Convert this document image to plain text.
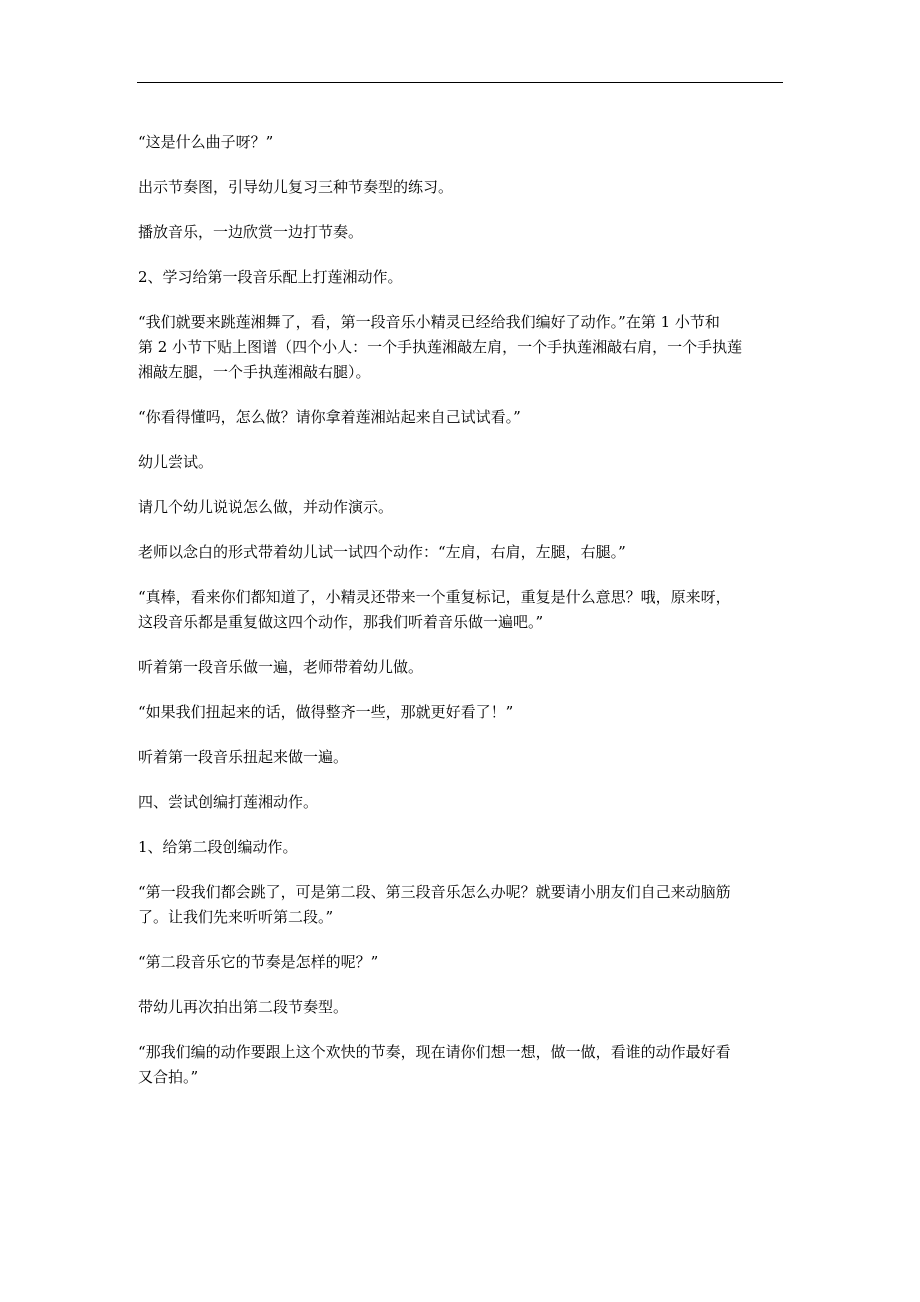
“这是什么曲子呀？”

出示节奏图，引导幼儿复习三种节奏型的练习。

播放音乐，一边欣赏一边打节奏。

2、学习给第一段音乐配上打莲湘动作。

“我们就要来跳莲湘舞了，看，第一段音乐小精灵已经给我们编好了动作。”在第 1 小节和
第 2 小节下贴上图谱（四个小人：一个手执莲湘敲左肩，一个手执莲湘敲右肩，一个手执莲
湘敲左腿，一个手执莲湘敲右腿）。

“你看得懂吗，怎么做？请你拿着莲湘站起来自己试试看。”

幼儿尝试。

请几个幼儿说说怎么做，并动作演示。

老师以念白的形式带着幼儿试一试四个动作：“左肩，右肩，左腿，右腿。”

“真棒，看来你们都知道了，小精灵还带来一个重复标记，重复是什么意思？哦，原来呀，
这段音乐都是重复做这四个动作，那我们听着音乐做一遍吧。”

听着第一段音乐做一遍，老师带着幼儿做。

“如果我们扭起来的话，做得整齐一些，那就更好看了！”

听着第一段音乐扭起来做一遍。

四、尝试创编打莲湘动作。

1、给第二段创编动作。

“第一段我们都会跳了，可是第二段、第三段音乐怎么办呢？就要请小朋友们自己来动脑筋
了。让我们先来听听第二段。”

“第二段音乐它的节奏是怎样的呢？”

带幼儿再次拍出第二段节奏型。

“那我们编的动作要跟上这个欢快的节奏，现在请你们想一想，做一做，看谁的动作最好看
又合拍。”
